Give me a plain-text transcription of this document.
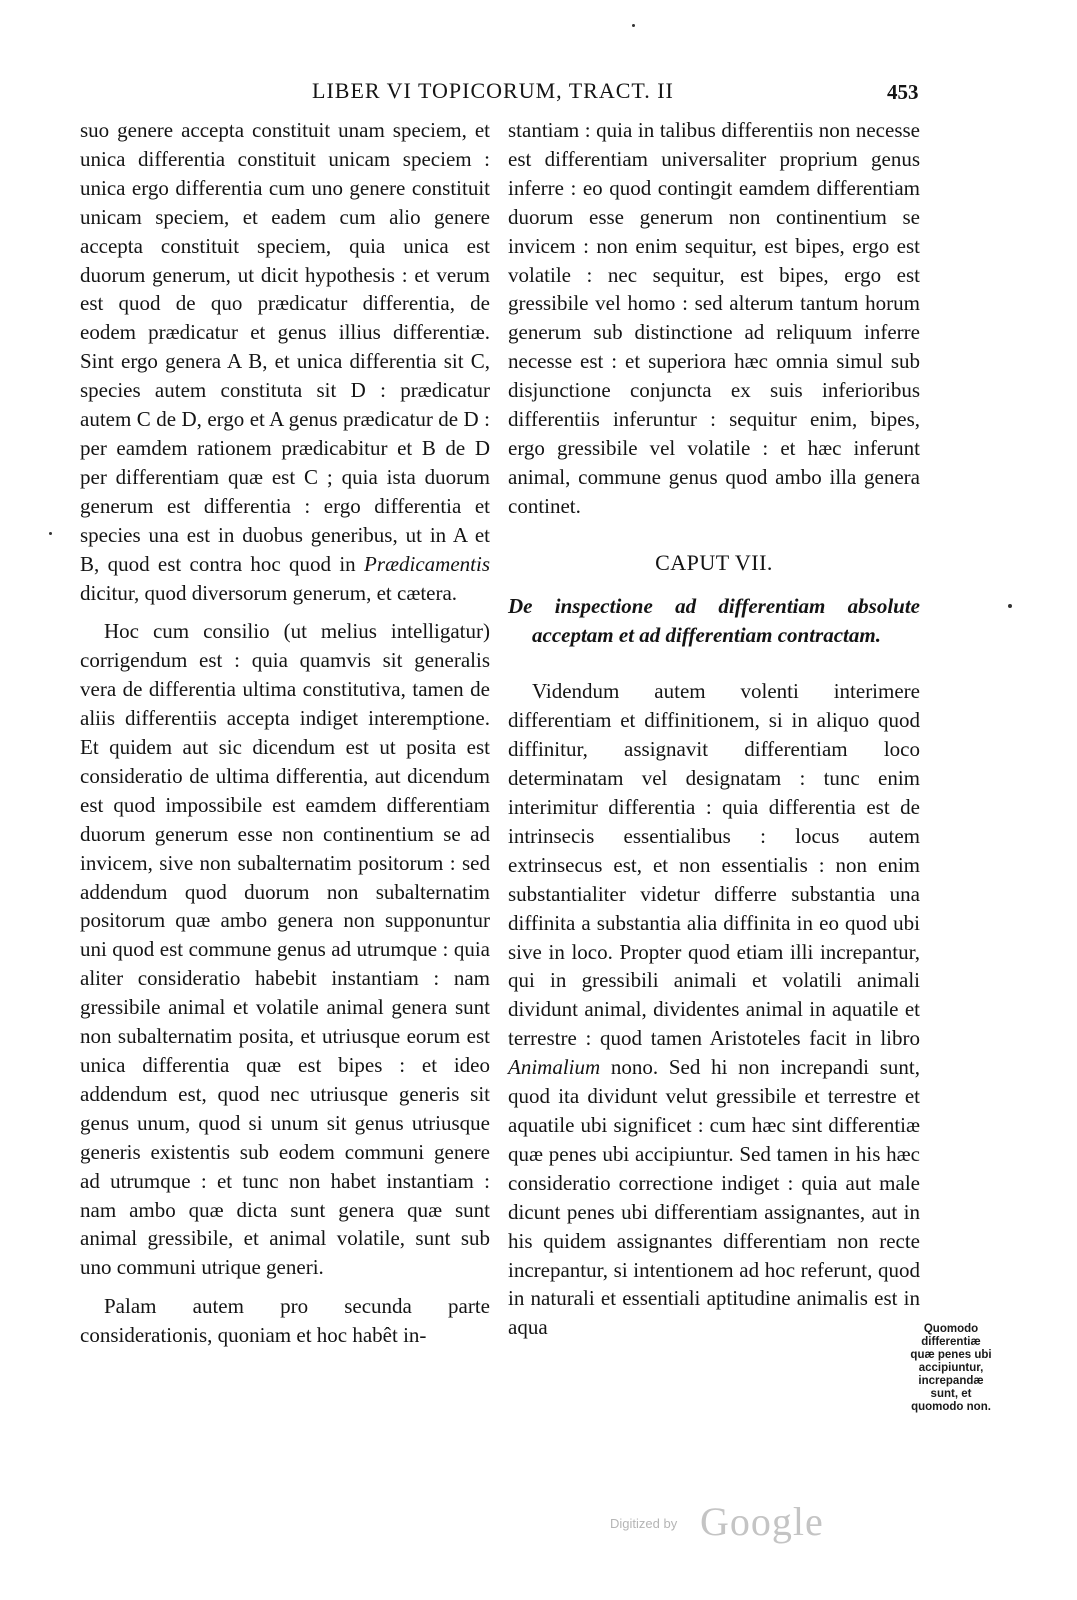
LIBER VI TOPICORUM, TRACT. II	453

suo genere accepta constituit unam speciem, et unica differentia constituit unicam speciem : unica ergo differentia cum uno genere constituit unicam speciem, et eadem cum alio genere accepta constituit speciem, quia unica est duorum generum, ut dicit hypothesis : et verum est quod de quo prædicatur differentia, de eodem prædicatur et genus illius differentiæ. Sint ergo genera A B, et unica differentia sit C, species autem constituta sit D : prædicatur autem C de D, ergo et A genus prædicatur de D : per eamdem rationem prædicabitur et B de D per differentiam quæ est C ; quia ista duorum generum est differentia : ergo differentia et species una est in duobus generibus, ut in A et B, quod est contra hoc quod in Prædicamentis dicitur, quod diversorum generum, et cætera.

Hoc cum consilio (ut melius intelligatur) corrigendum est : quia quamvis sit generalis vera de differentia ultima constitutiva, tamen de aliis differentiis accepta indiget interemptione. Et quidem aut sic dicendum est ut posita est consideratio de ultima differentia, aut dicendum est quod impossibile est eamdem differentiam duorum generum esse non continentium se ad invicem, sive non subalternatim positorum : sed addendum quod duorum non subalternatim positorum quæ ambo genera non supponuntur uni quod est commune genus ad utrumque : quia aliter consideratio habebit instantiam : nam gressibile animal et volatile animal genera sunt non subalternatim posita, et utriusque eorum est unica differentia quæ est bipes : et ideo addendum est, quod nec utriusque generis sit genus unum, quod si unum sit genus utriusque generis existentis sub eodem communi genere ad utrumque : et tunc non habet instantiam : nam ambo quæ dicta sunt genera quæ sunt animal gressibile, et animal volatile, sunt sub uno communi utrique generi.

Palam autem pro secunda parte considerationis, quoniam et hoc habêt in-

stantiam : quia in talibus differentiis non necesse est differentiam universaliter proprium genus inferre : eo quod contingit eamdem differentiam duorum esse generum non continentium se invicem : non enim sequitur, est bipes, ergo est volatile : nec sequitur, est bipes, ergo est gressibile vel homo : sed alterum tantum horum generum sub distinctione ad reliquum inferre necesse est : et superiora hæc omnia simul sub disjunctione conjuncta ex suis inferioribus differentiis inferuntur : sequitur enim, bipes, ergo gressibile vel volatile : et hæc inferunt animal, commune genus quod ambo illa genera continet.

CAPUT VII.

De inspectione ad differentiam absolute acceptam et ad differentiam contractam.

Videndum autem volenti interimere differentiam et diffinitionem, si in aliquo quod diffinitur, assignavit differentiam loco determinatam vel designatam : tunc enim interimitur differentia : quia differentia est de intrinsecis essentialibus : locus autem extrinsecus est, et non essentialis : non enim substantialiter videtur differre substantia una diffinita a substantia alia diffinita in eo quod ubi sive in loco. Propter quod etiam illi increpantur, qui in gressibili animali et volatili animali dividunt animal, dividentes animal in aquatile et terrestre : quod tamen Aristoteles facit in libro Animalium nono. Sed hi non increpandi sunt, quod ita dividunt velut gressibile et terrestre et aquatile ubi significet : cum hæc sint differentiæ quæ penes ubi accipiuntur. Sed tamen in his hæc consideratio correctione indiget : quia aut male dicunt penes ubi differentiam assignantes, aut in his quidem assignantes differentiam non recte increpantur, si intentionem ad hoc referunt, quod in naturali et essentiali aptitudine animalis est in aqua	Quomodo differentiæ quæ penes ubi accipiuntur, increpandæ sunt, et quomodo non.
Digitized by Google
